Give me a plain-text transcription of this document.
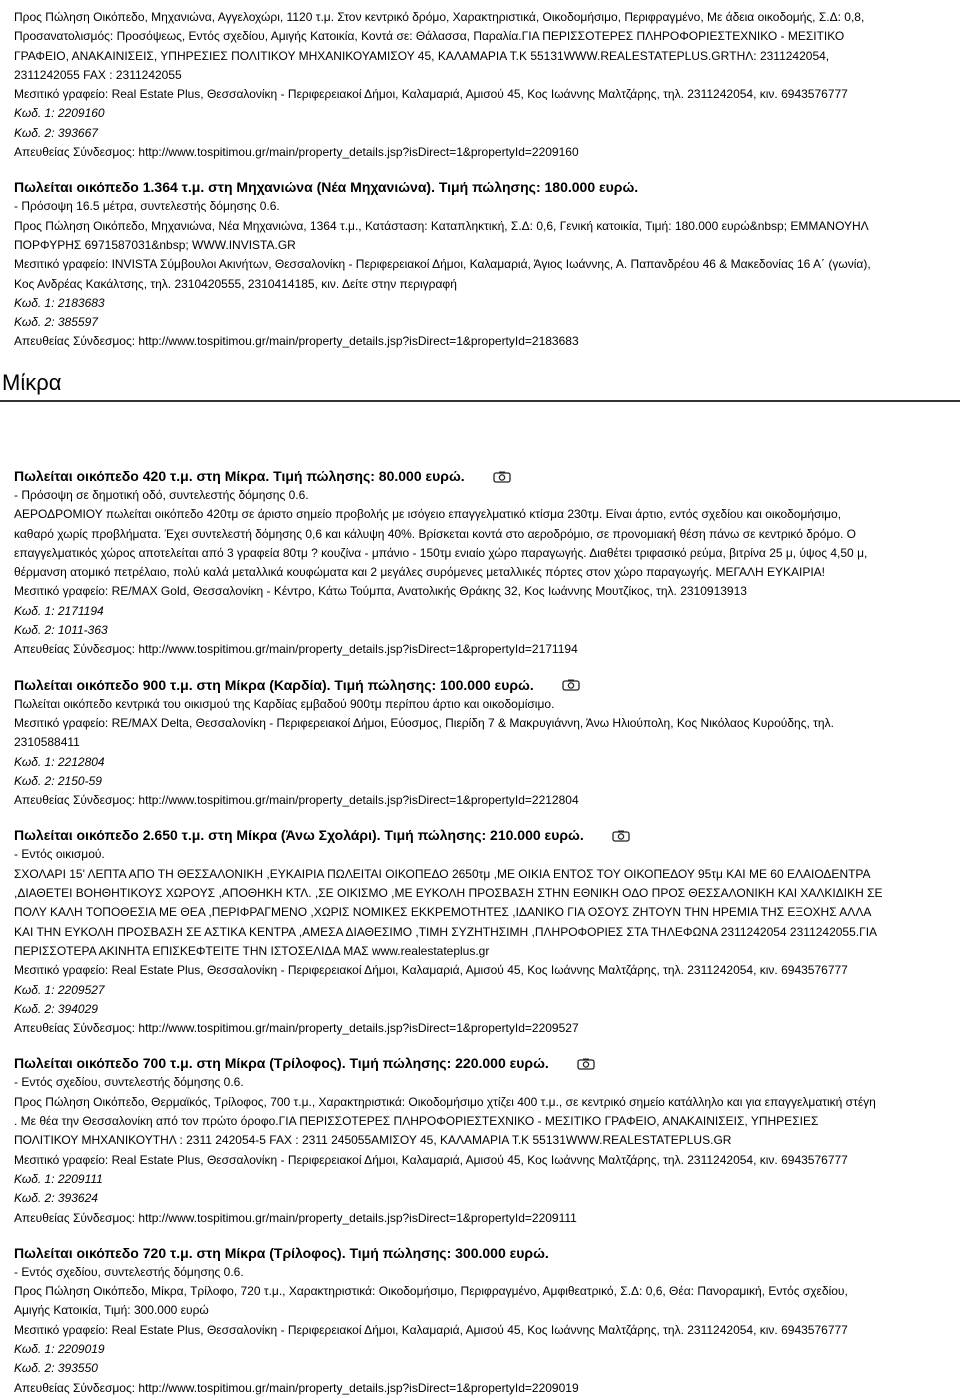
Προς Πώληση Οικόπεδο, Μηχανιώνα, Αγγελοχώρι, 1120 τ.μ. Στον κεντρικό δρόμο, Χαρακτηριστικά, Οικοδομήσιμο, Περιφραγμένο, Με άδεια οικοδομής, Σ.Δ: 0,8,

Προσανατολισμός: Προσόψεως, Εντός σχεδίου, Αμιγής Κατοικία, Κοντά σε: Θάλασσα, Παραλία.ΓΙΑ ΠΕΡΙΣΣΟΤΕΡΕΣ ΠΛΗΡΟΦΟΡΙΕΣΤΕΧΝΙΚΟ - ΜΕΣΙΤΙΚΟ

ΓΡΑΦΕΙΟ, ΑΝΑΚΑΙΝΙΣΕΙΣ, ΥΠΗΡΕΣΙΕΣ ΠΟΛΙΤΙΚΟΥ ΜΗΧΑΝΙΚΟΥΑΜΙΣΟΥ 45, ΚΑΛΑΜΑΡΙΑ Τ.Κ 55131WWW.REALESTATEPLUS.GRΤΗΛ: 2311242054,

2311242055 FAX : 2311242055

Μεσιτικό γραφείο: Real Estate Plus, Θεσσαλονίκη - Περιφερειακοί Δήμοι, Καλαμαριά, Αμισού 45, Κος Ιωάννης Μαλτζάρης, τηλ. 2311242054, κιν. 6943576777

Κωδ. 1: 2209160

Κωδ. 2: 393667

Απευθείας Σύνδεσμος: http://www.tospitimou.gr/main/property_details.jsp?isDirect=1&propertyId=2209160

Πωλείται οικόπεδο 1.364 τ.μ. στη Μηχανιώνα (Νέα Μηχανιώνα). Τιμή πώλησης: 180.000 ευρώ.

- Πρόσοψη 16.5 μέτρα, συντελεστής δόμησης 0.6.

Προς Πώληση Οικόπεδο, Μηχανιώνα, Νέα Μηχανιώνα, 1364 τ.μ., Κατάσταση: Καταπληκτική, Σ.Δ: 0,6, Γενική κατοικία, Τιμή: 180.000 ευρώ&nbsp; ΕΜΜΑΝΟΥΗΛ

ΠΟΡΦΥΡΗΣ 6971587031&nbsp; WWW.INVISTA.GR

Μεσιτικό γραφείο: INVISTA Σύμβουλοι Ακινήτων, Θεσσαλονίκη - Περιφερειακοί Δήμοι, Καλαμαριά, Άγιος Ιωάννης, Α. Παπανδρέου 46 & Μακεδονίας 16 Α΄ (γωνία),

Κος Ανδρέας Κακάλτσης, τηλ. 2310420555, 2310414185, κιν. Δείτε στην περιγραφή

Κωδ. 1: 2183683

Κωδ. 2: 385597

Απευθείας Σύνδεσμος: http://www.tospitimou.gr/main/property_details.jsp?isDirect=1&propertyId=2183683

Μίκρα
Πωλείται οικόπεδο 420 τ.μ. στη Μίκρα. Τιμή πώλησης: 80.000 ευρώ.

- Πρόσοψη σε δημοτική οδό, συντελεστής δόμησης 0.6.

ΑΕΡΟΔΡΟΜΙΟΥ πωλείται οικόπεδο 420τμ σε άριστο σημείο προβολής με ισόγειο επαγγελματικό κτίσμα 230τμ. Είναι άρτιο, εντός σχεδίου και οικοδομήσιμο,

καθαρό χωρίς προβλήματα. Έχει συντελεστή δόμησης 0,6 και κάλυψη 40%. Βρίσκεται κοντά στο αεροδρόμιο, σε προνομιακή θέση πάνω σε κεντρικό δρόμο. Ο

επαγγελματικός χώρος αποτελείται από 3 γραφεία 80τμ ? κουζίνα - μπάνιο - 150τμ ενιαίο χώρο παραγωγής. Διαθέτει τριφασικό ρεύμα, βιτρίνα 25 μ, ύψος 4,50 μ,

θέρμανση ατομικό πετρέλαιο, πολύ καλά μεταλλικά κουφώματα και 2 μεγάλες συρόμενες μεταλλικές πόρτες στον χώρο παραγωγής. ΜΕΓΑΛΗ ΕΥΚΑΙΡΙΑ!

Μεσιτικό γραφείο: RE/MAX Gold, Θεσσαλονίκη - Κέντρο, Κάτω Τούμπα, Ανατολικής Θράκης 32, Κος Ιωάννης Μουτζίκος, τηλ. 2310913913

Κωδ. 1: 2171194

Κωδ. 2: 1011-363

Απευθείας Σύνδεσμος: http://www.tospitimou.gr/main/property_details.jsp?isDirect=1&propertyId=2171194

Πωλείται οικόπεδο 900 τ.μ. στη Μίκρα (Καρδία). Τιμή πώλησης: 100.000 ευρώ.

Πωλείται οικόπεδο κεντρικά του οικισμού της Καρδίας εμβαδού 900τμ περίπου άρτιο και οικοδομίσιμο.

Μεσιτικό γραφείο: RE/MAX Delta, Θεσσαλονίκη - Περιφερειακοί Δήμοι, Εύοσμος, Πιερίδη 7 & Μακρυγιάννη, Άνω Ηλιούπολη, Κος Νικόλαος Κυρούδης, τηλ.

2310588411

Κωδ. 1: 2212804

Κωδ. 2: 2150-59

Απευθείας Σύνδεσμος: http://www.tospitimou.gr/main/property_details.jsp?isDirect=1&propertyId=2212804

Πωλείται οικόπεδο 2.650 τ.μ. στη Μίκρα (Άνω Σχολάρι). Τιμή πώλησης: 210.000 ευρώ.

- Εντός οικισμού.

ΣΧΟΛΑΡΙ 15' ΛΕΠΤΑ ΑΠΟ ΤΗ ΘΕΣΣΑΛΟΝΙΚΗ ,ΕΥΚΑΙΡΙΑ ΠΩΛΕΙΤΑΙ ΟΙΚΟΠΕΔΟ 2650τμ ,ΜΕ ΟΙΚΙΑ ΕΝΤΟΣ ΤΟΥ ΟΙΚΟΠΕΔΟΥ 95τμ ΚΑΙ ΜΕ 60 ΕΛΑΙΟΔΕΝΤΡΑ

,ΔΙΑΘΕΤΕΙ ΒΟΗΘΗΤΙΚΟΥΣ ΧΩΡΟΥΣ ,ΑΠΟΘΗΚΗ ΚΤΛ. ,ΣΕ ΟΙΚΙΣΜΟ ,ΜΕ ΕΥΚΟΛΗ ΠΡΟΣΒΑΣΗ ΣΤΗΝ ΕΘΝΙΚΗ ΟΔΟ ΠΡΟΣ ΘΕΣΣΑΛΟΝΙΚΗ ΚΑΙ ΧΑΛΚΙΔΙΚΗ ΣΕ

ΠΟΛΥ ΚΑΛΗ ΤΟΠΟΘΕΣΙΑ ΜΕ ΘΕΑ ,ΠΕΡΙΦΡΑΓΜΕΝΟ ,ΧΩΡΙΣ ΝΟΜΙΚΕΣ ΕΚΚΡΕΜΟΤΗΤΕΣ ,ΙΔΑΝΙΚΟ ΓΙΑ ΟΣΟΥΣ ΖΗΤΟΥΝ ΤΗΝ ΗΡΕΜΙΑ ΤΗΣ ΕΞΟΧΗΣ ΑΛΛΑ

ΚΑΙ ΤΗΝ ΕΥΚΟΛΗ ΠΡΟΣΒΑΣΗ ΣΕ ΑΣΤΙΚΑ ΚΕΝΤΡΑ ,ΑΜΕΣΑ ΔΙΑΘΕΣΙΜΟ ,ΤΙΜΗ ΣΥΖΗΤΗΣΙΜΗ ,ΠΛΗΡΟΦΟΡΙΕΣ ΣΤΑ ΤΗΛΕΦΩΝΑ 2311242054 2311242055.ΓΙΑ

ΠΕΡΙΣΣΟΤΕΡΑ ΑΚΙΝΗΤΑ ΕΠΙΣΚΕΦΤΕΙΤΕ ΤΗΝ ΙΣΤΟΣΕΛΙΔΑ ΜΑΣ www.realestateplus.gr

Μεσιτικό γραφείο: Real Estate Plus, Θεσσαλονίκη - Περιφερειακοί Δήμοι, Καλαμαριά, Αμισού 45, Κος Ιωάννης Μαλτζάρης, τηλ. 2311242054, κιν. 6943576777

Κωδ. 1: 2209527

Κωδ. 2: 394029

Απευθείας Σύνδεσμος: http://www.tospitimou.gr/main/property_details.jsp?isDirect=1&propertyId=2209527

Πωλείται οικόπεδο 700 τ.μ. στη Μίκρα (Τρίλοφος). Τιμή πώλησης: 220.000 ευρώ.

- Εντός σχεδίου, συντελεστής δόμησης 0.6.

Προς Πώληση Οικόπεδο, Θερμαϊκός, Τρίλοφος, 700 τ.μ., Χαρακτηριστικά: Οικοδομήσιμο χτίζει 400 τ.μ., σε κεντρικό σημείο κατάλληλο και για επαγγελματική στέγη

. Με θέα την Θεσσαλονίκη από τον πρώτο όροφο.ΓΙΑ ΠΕΡΙΣΣΟΤΕΡΕΣ ΠΛΗΡΟΦΟΡΙΕΣΤΕΧΝΙΚΟ - ΜΕΣΙΤΙΚΟ ΓΡΑΦΕΙΟ, ΑΝΑΚΑΙΝΙΣΕΙΣ, ΥΠΗΡΕΣΙΕΣ

ΠΟΛΙΤΙΚΟΥ ΜΗΧΑΝΙΚΟΥΤΗΛ : 2311 242054-5 FAX : 2311 245055ΑΜΙΣΟΥ 45, ΚΑΛΑΜΑΡΙΑ Τ.Κ 55131WWW.REALESTATEPLUS.GR

Μεσιτικό γραφείο: Real Estate Plus, Θεσσαλονίκη - Περιφερειακοί Δήμοι, Καλαμαριά, Αμισού 45, Κος Ιωάννης Μαλτζάρης, τηλ. 2311242054, κιν. 6943576777

Κωδ. 1: 2209111

Κωδ. 2: 393624

Απευθείας Σύνδεσμος: http://www.tospitimou.gr/main/property_details.jsp?isDirect=1&propertyId=2209111

Πωλείται οικόπεδο 720 τ.μ. στη Μίκρα (Τρίλοφος). Τιμή πώλησης: 300.000 ευρώ.

- Εντός σχεδίου, συντελεστής δόμησης 0.6.

Προς Πώληση Οικόπεδο, Μίκρα, Τρίλοφο, 720 τ.μ., Χαρακτηριστικά: Οικοδομήσιμο, Περιφραγμένο, Αμφιθεατρικό, Σ.Δ: 0,6, Θέα: Πανοραμική, Εντός σχεδίου,

Αμιγής Κατοικία, Τιμή: 300.000 ευρώ

Μεσιτικό γραφείο: Real Estate Plus, Θεσσαλονίκη - Περιφερειακοί Δήμοι, Καλαμαριά, Αμισού 45, Κος Ιωάννης Μαλτζάρης, τηλ. 2311242054, κιν. 6943576777

Κωδ. 1: 2209019

Κωδ. 2: 393550

Απευθείας Σύνδεσμος: http://www.tospitimou.gr/main/property_details.jsp?isDirect=1&propertyId=2209019
